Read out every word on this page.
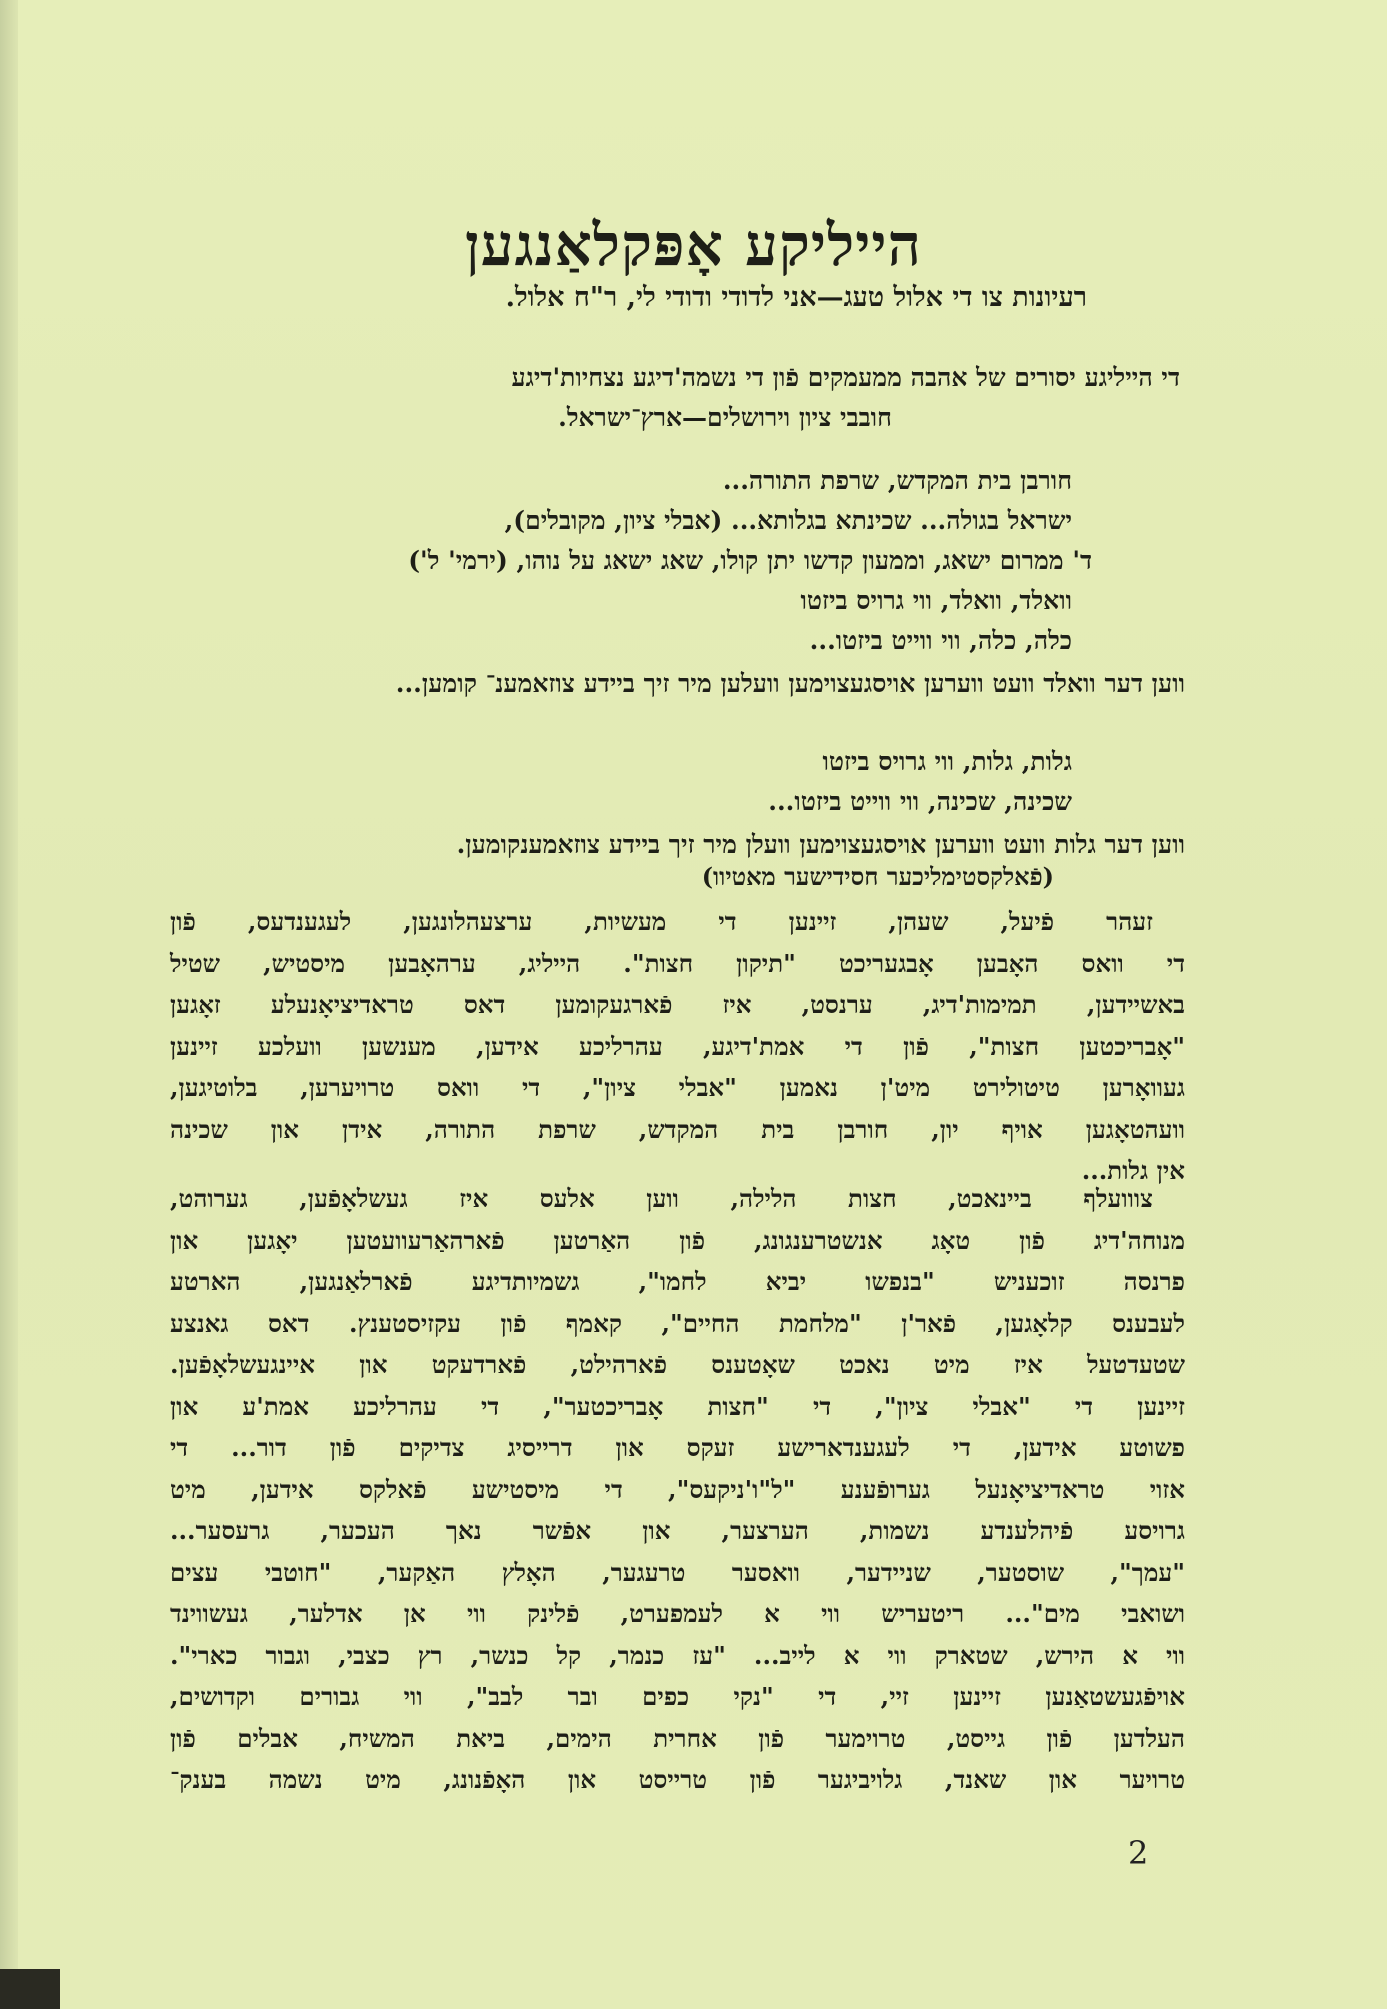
הייליקע אָפּקלאַנגען
רעיונות צו די אלול טעג—אני לדודי ודודי לי, ר"ח אלול.
די הייליגע יסורים של אהבה ממעמקים פֿון די נשמה'דיגע נצחיות'דיגע
חובבי ציון וירושלים—ארץ־ישראל.
חורבן בית המקדש, שרפת התורה...
ישראל בגולה... שכינתא בגלותא... (אבלי ציון, מקובלים),
ד' ממרום ישאג, וממעון קדשו יתן קולו, שאג ישאג על נוהו, (ירמי' ל')
וואלד, וואלד, ווי גרויס ביזטו
כלה, כלה, ווי ווייט ביזטו...
ווען דער וואלד וועט ווערען אויסגעצוימען וועלען מיר זיך ביידע צוזאמענ־ קומען...
גלות, גלות, ווי גרויס ביזטו
שכינה, שכינה, ווי ווייט ביזטו...
ווען דער גלות וועט ווערען אויסגעצוימען וועלן מיר זיך ביידע צוזאמענקומען.
(פֿאלקסטימליכער חסידישער מאטיוו)
זעהר פֿיעל, שעהן, זיינען די מעשיות, ערצעהלונגען, לעגענדעס, פֿון
די וואס האָבען אָבגעריכט "תיקון חצות". הייליג, ערהאָבען מיסטיש, שטיל
באשיידען, תמימות'דיג, ערנסט, איז פֿארגעקומען דאס טראדיציאָנעלע זאָגען
"אָבריכטען חצות", פֿון די אמת'דיגע, עהרליכע אידען, מענשען וועלכע זיינען
געוואָרען טיטולירט מיט'ן נאמען "אבלי ציון", די וואס טרויערען, בלוטיגען,
וועהטאָגען אויף יון, חורבן בית המקדש, שרפת התורה, אידן און שכינה
אין גלות...
צווועלף ביינאכט, חצות הלילה, ווען אלעס איז געשלאָפֿען, גערוהט,
מנוחה'דיג פֿון טאָג אנשטרענגונג, פֿון האַרטען פֿארהאַרעוועטען יאָגען און
פרנסה זוכעניש "בנפשו יביא לחמו", גשמיותדיגע פֿארלאַנגען, הארטע
לעבענס קלאָגען, פֿאר'ן "מלחמת החיים", קאמף פֿון עקזיסטענץ. דאס גאנצע
שטעדטעל איז מיט נאכט שאָטענס פֿארהילט, פֿארדעקט און איינגעשלאָפֿען.
זיינען די "אבלי ציון", די "חצות אָבריכטער", די עהרליכע אמת'ע און
פשוטע אידען, די לעגענדארישע זעקס און דרייסיג צדיקים פֿון דור... די
אזוי טראדיציאָנעל גערופֿענע "ל"ו'ניקעס", די מיסטישע פֿאלקס אידען, מיט
גרויסע פֿיהלענדע נשמות, הערצער, און אפֿשר נאך העכער, גרעסער...
"עמך", שוסטער, שניידער, וואסער טרעגער, האָלץ האַקער, "חוטבי עצים
ושואבי מים"... ריטעריש ווי א לעמפערט, פֿלינק ווי אן אדלער, געשווינד
ווי א הירש, שטארק ווי א לייב... "עז כנמר, קל כנשר, רץ כצבי, וגבור כארי".
אויפֿגעשטאַנען זיינען זיי, די "נקי כפים ובר לבב", ווי גבורים וקדושים,
העלדען פֿון גייסט, טרוימער פֿון אחרית הימים, ביאת המשיח, אבלים פֿון
טרויער און שאנד, גלויביגער פֿון טרייסט און האָפֿנונג, מיט נשמה בענק־
2
